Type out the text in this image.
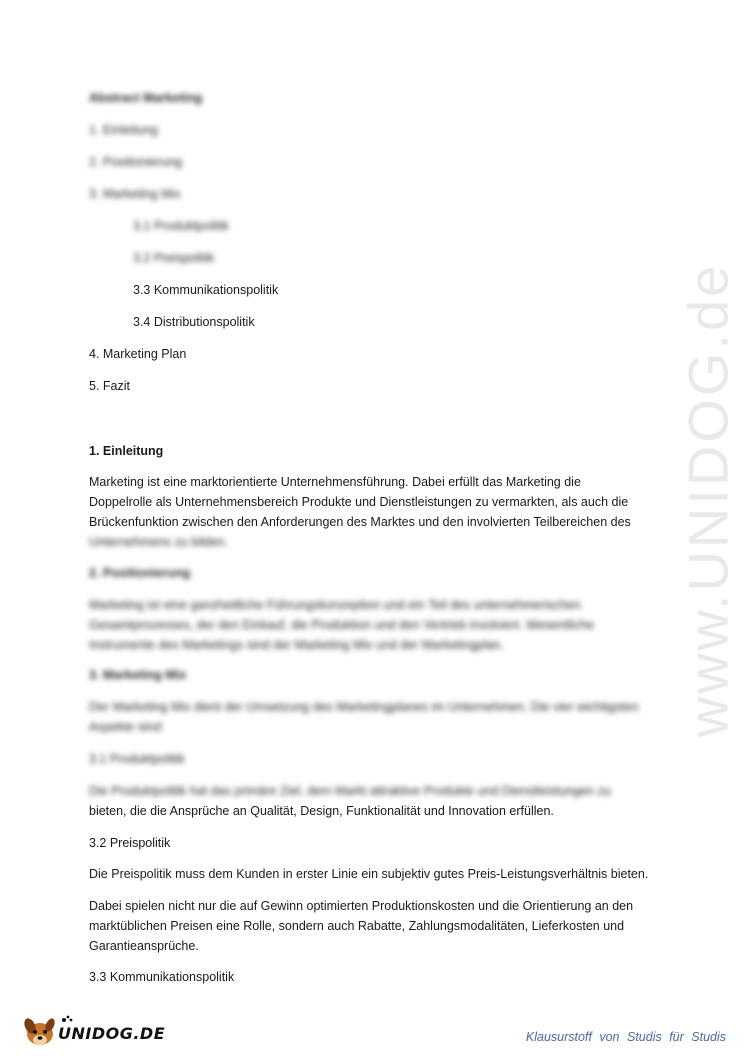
www.UNIDOG.de

Abstract Marketing

1. Einleitung

2. Positionierung

3. Marketing Mix

3.1 Produktpolitik

3.2 Preispolitik

3.3 Kommunikationspolitik

3.4 Distributionspolitik

4. Marketing Plan

5. Fazit

1. Einleitung

Marketing ist eine marktorientierte Unternehmensführung. Dabei erfüllt das Marketing die
Doppelrolle als Unternehmensbereich Produkte und Dienstleistungen zu vermarkten, als auch die
Brückenfunktion zwischen den Anforderungen des Marktes und den involvierten Teilbereichen des
Unternehmens zu bilden.

2. Positionierung

Marketing ist eine ganzheitliche Führungskonzeption und ein Teil des unternehmerischen
Gesamtprozesses, der den Einkauf, die Produktion und den Vertrieb involviert. Wesentliche
Instrumente des Marketings sind der Marketing Mix und der Marketingplan.

3. Marketing Mix

Der Marketing Mix dient der Umsetzung des Marketingplanes im Unternehmen. Die vier wichtigsten
Aspekte sind:

3.1 Produktpolitik

Die Produktpolitik hat das primäre Ziel, dem Markt attraktive Produkte und Dienstleistungen zu
bieten, die die Ansprüche an Qualität, Design, Funktionalität und Innovation erfüllen.

3.2 Preispolitik

Die Preispolitik muss dem Kunden in erster Linie ein subjektiv gutes Preis-Leistungsverhältnis bieten.

Dabei spielen nicht nur die auf Gewinn optimierten Produktionskosten und die Orientierung an den
marktüblichen Preisen eine Rolle, sondern auch Rabatte, Zahlungsmodalitäten, Lieferkosten und
Garantieansprüche.

3.3 Kommunikationspolitik

UNIDOG.DE	Klausurstoff von Studis für Studis
